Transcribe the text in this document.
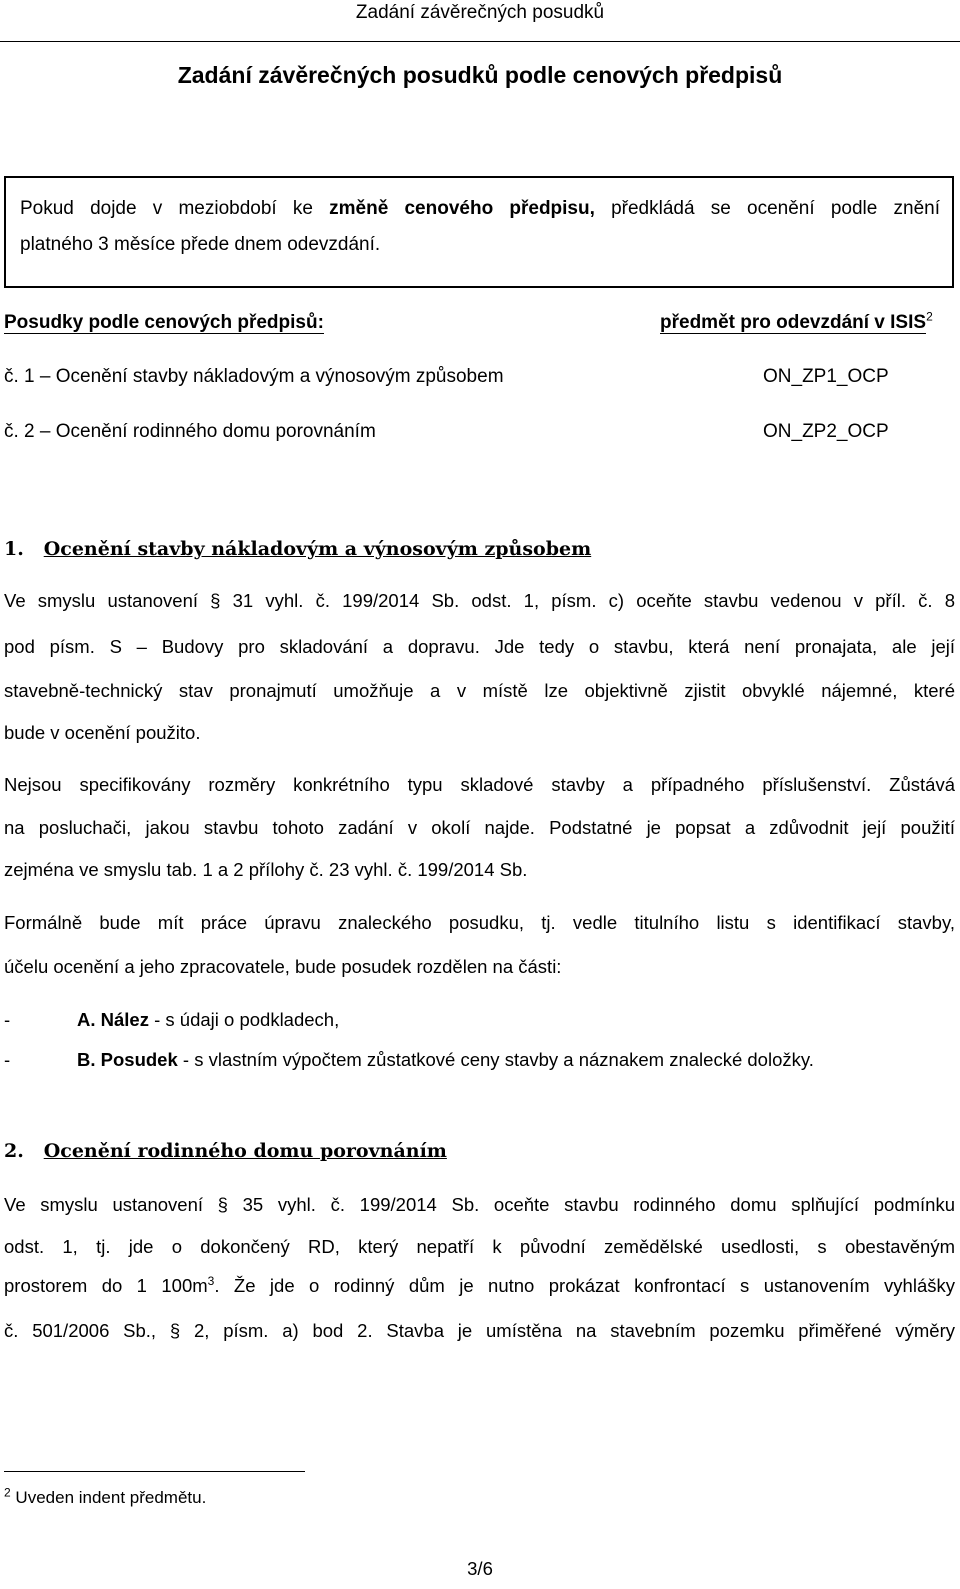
Zadání závěrečných posudků
Zadání závěrečných posudků podle cenových předpisů
Pokud dojde v meziobdobí ke změně cenového předpisu, předkládá se ocenění podle znění
platného 3 měsíce přede dnem odevzdání.
Posudky podle cenových předpisů:	předmět pro odevzdání v ISIS$^2$
č. 1 – Ocenění stavby nákladovým a výnosovým způsobem	ON_ZP1_OCP
č. 2 – Ocenění rodinného domu porovnáním	ON_ZP2_OCP
1. Ocenění stavby nákladovým a výnosovým způsobem
Ve smyslu ustanovení § 31 vyhl. č. 199/2014 Sb. odst. 1, písm. c) oceňte stavbu vedenou v příl. č. 8
pod písm. S – Budovy pro skladování a dopravu. Jde tedy o stavbu, která není pronajata, ale její
stavebně-technický stav pronajmutí umožňuje a v místě lze objektivně zjistit obvyklé nájemné, které
bude v ocenění použito.
Nejsou specifikovány rozměry konkrétního typu skladové stavby a případného příslušenství. Zůstává
na posluchači, jakou stavbu tohoto zadání v okolí najde. Podstatné je popsat a zdůvodnit její použití
zejména ve smyslu tab. 1 a 2 přílohy č. 23 vyhl. č. 199/2014 Sb.
Formálně bude mít práce úpravu znaleckého posudku, tj. vedle titulního listu s identifikací stavby,
účelu ocenění a jeho zpracovatele, bude posudek rozdělen na části:
-	A. Nález - s údaji o podkladech,
-	B. Posudek - s vlastním výpočtem zůstatkové ceny stavby a náznakem znalecké doložky.
2. Ocenění rodinného domu porovnáním
Ve smyslu ustanovení § 35 vyhl. č. 199/2014 Sb. oceňte stavbu rodinného domu splňující podmínku
odst. 1, tj. jde o dokončený RD, který nepatří k původní zemědělské usedlosti, s obestavěným
prostorem do 1 $100m^3$. Že jde o rodinný dům je nutno prokázat konfrontací s ustanovením vyhlášky
č. 501/2006 Sb., § 2, písm. a) bod 2. Stavba je umístěna na stavebním pozemku přiměřené výměry
$^2$ Uveden indent předmětu.
3/6
